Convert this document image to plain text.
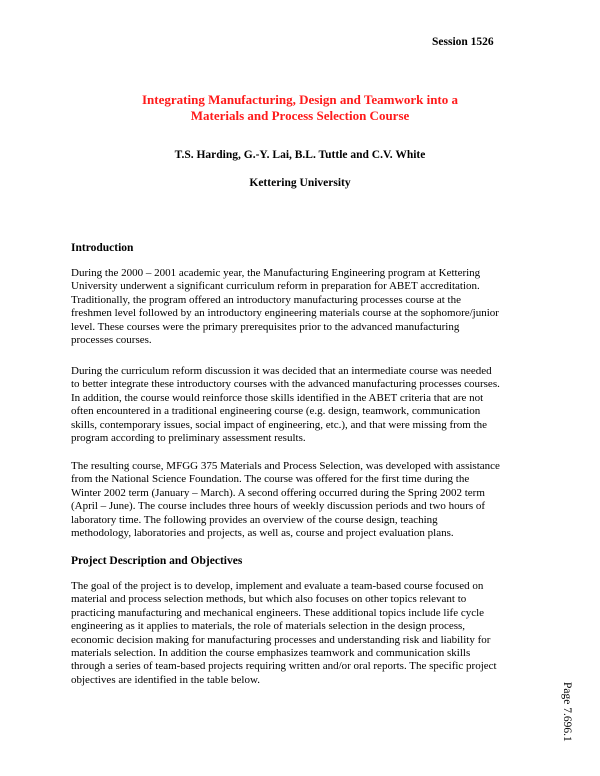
Session 1526
Integrating Manufacturing, Design and Teamwork into a
Materials and Process Selection Course
T.S. Harding, G.-Y. Lai, B.L. Tuttle and C.V. White
Kettering University
Introduction
During the 2000 – 2001 academic year, the Manufacturing Engineering program at Kettering
University underwent a significant curriculum reform in preparation for ABET accreditation.
Traditionally, the program offered an introductory manufacturing processes course at the
freshmen level followed by an introductory engineering materials course at the sophomore/junior
level. These courses were the primary prerequisites prior to the advanced manufacturing
processes courses.
During the curriculum reform discussion it was decided that an intermediate course was needed
to better integrate these introductory courses with the advanced manufacturing processes courses.
In addition, the course would reinforce those skills identified in the ABET criteria that are not
often encountered in a traditional engineering course (e.g. design, teamwork, communication
skills, contemporary issues, social impact of engineering, etc.), and that were missing from the
program according to preliminary assessment results.
The resulting course, MFGG 375 Materials and Process Selection, was developed with assistance
from the National Science Foundation. The course was offered for the first time during the
Winter 2002 term (January – March). A second offering occurred during the Spring 2002 term
(April – June). The course includes three hours of weekly discussion periods and two hours of
laboratory time. The following provides an overview of the course design, teaching
methodology, laboratories and projects, as well as, course and project evaluation plans.
Project Description and Objectives
The goal of the project is to develop, implement and evaluate a team-based course focused on
material and process selection methods, but which also focuses on other topics relevant to
practicing manufacturing and mechanical engineers. These additional topics include life cycle
engineering as it applies to materials, the role of materials selection in the design process,
economic decision making for manufacturing processes and understanding risk and liability for
materials selection. In addition the course emphasizes teamwork and communication skills
through a series of team-based projects requiring written and/or oral reports. The specific project
objectives are identified in the table below.
Page 7.696.1
